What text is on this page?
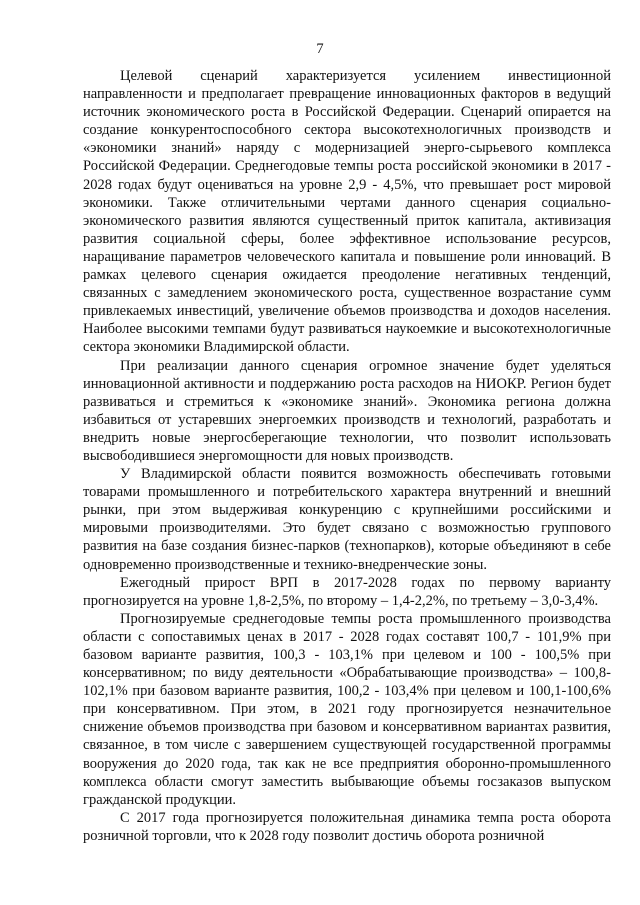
7

Целевой сценарий характеризуется усилением инвестиционной направленности и предполагает превращение инновационных факторов в ведущий источник экономического роста в Российской Федерации. Сценарий опирается на создание конкурентоспособного сектора высокотехнологичных производств и «экономики знаний» наряду с модернизацией энерго-сырьевого комплекса Российской Федерации. Среднегодовые темпы роста российской экономики в 2017 - 2028 годах будут оцениваться на уровне 2,9 - 4,5%, что превышает рост мировой экономики. Также отличительными чертами данного сценария социально-экономического развития являются существенный приток капитала, активизация развития социальной сферы, более эффективное использование ресурсов, наращивание параметров человеческого капитала и повышение роли инноваций. В рамках целевого сценария ожидается преодоление негативных тенденций, связанных с замедлением экономического роста, существенное возрастание сумм привлекаемых инвестиций, увеличение объемов производства и доходов населения. Наиболее высокими темпами будут развиваться наукоемкие и высокотехнологичные сектора экономики Владимирской области.

При реализации данного сценария огромное значение будет уделяться инновационной активности и поддержанию роста расходов на НИОКР. Регион будет развиваться и стремиться к «экономике знаний». Экономика региона должна избавиться от устаревших энергоемких производств и технологий, разработать и внедрить новые энергосберегающие технологии, что позволит использовать высвободившиеся энергомощности для новых производств.

У Владимирской области появится возможность обеспечивать готовыми товарами промышленного и потребительского характера внутренний и внешний рынки, при этом выдерживая конкуренцию с крупнейшими российскими и мировыми производителями. Это будет связано с возможностью группового развития на базе создания бизнес-парков (технопарков), которые объединяют в себе одновременно производственные и технико-внедренческие зоны.

Ежегодный прирост ВРП в 2017-2028 годах по первому варианту прогнозируется на уровне 1,8-2,5%, по второму – 1,4-2,2%, по третьему – 3,0-3,4%.

Прогнозируемые среднегодовые темпы роста промышленного производства области с сопоставимых ценах в 2017 - 2028 годах составят 100,7 - 101,9% при базовом варианте развития, 100,3 - 103,1% при целевом и 100 - 100,5% при консервативном; по виду деятельности «Обрабатывающие производства» – 100,8-102,1% при базовом варианте развития, 100,2 - 103,4% при целевом и 100,1-100,6% при консервативном. При этом, в 2021 году прогнозируется незначительное снижение объемов производства при базовом и консервативном вариантах развития, связанное, в том числе с завершением существующей государственной программы вооружения до 2020 года, так как не все предприятия оборонно-промышленного комплекса области смогут заместить выбывающие объемы госзаказов выпуском гражданской продукции.

С 2017 года прогнозируется положительная динамика темпа роста оборота розничной торговли, что к 2028 году позволит достичь оборота розничной
